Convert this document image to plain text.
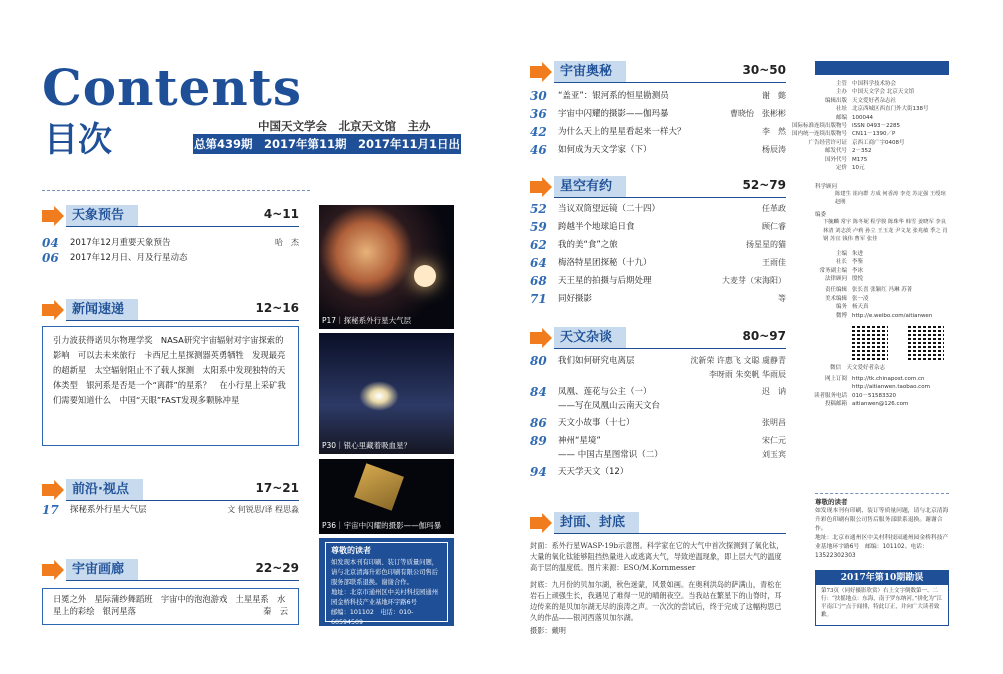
Contents
目次	中国天文学会　北京天文馆　主办
总第439期　2017年第11期　2017年11月1日出版
天象预告	4~11
04 2017年12月重要天象预告	哈　杰
06 2017年12月日、月及行星动态
新闻速递	12~16
引力波获得诺贝尔物理学奖　NASA研究宇宙辐射对宇宙探索的影响　可以去未来旅行　卡西尼土星探测器英勇牺牲　发现最亮的超新星　太空辐射阻止不了载人探测　太阳系中发现独特的天体类型　银河系是否是一个“离群”的星系？　在小行星上采矿我们需要知道什么　中国“天眼”FAST发现多颗脉冲星
前沿·视点	17~21
17 探秘系外行星大气层	文 何锐思/译 程思淼
宇宙画廊	22~29
日冕之外　星际蒲纱舞蹈班　宇宙中的泡泡游戏　土星星系　水星上的彩绘　银河星落	秦　云
P17｜探秘系外行星大气层
P30｜银心里藏着吸血星？
P36｜宇宙中闪耀的摄影——伽玛暴
尊敬的读者
如发现本刊有印刷、装订等质量问题，请与北京清海升彩色印刷有限公司售后服务部联系退换。谢谢合作。
地址：北京市通州区中关村科技园通州园金桥科技产业基地环宇路6号
邮编：101102　电话：010-60594509
宇宙奥秘	30~50
30 “盖亚”：银河系的恒星勘测员	谢　懿
36 宇宙中闪耀的摄影——伽玛暴	曹晓怡　张彬彬
42 为什么天上的星星看起来一样大？	李　然
46 如何成为天文学家（下）	杨辰涛
星空有约	52~79
52 当议双筒望远镜（二十四）	任革政
59 跨越半个地球追日食	顾仁睿
62 我的美“食”之旅	扬星星的猫
64 梅洛特星团探秘（十九）	王雨佳
68 天王星的拍摄与后期处理	大麦芽（宋海阳）
71 同好摄影	等
天文杂谈	80~97
80 我们如何研究电离层	沈新荣 许惠飞 文聪 虞静青
李呀雨 朱奕帆 华雨辰
84 凤凰、莲花与公主（一）	迟　讷
——写在凤凰山云南天文台
86 天文小故事（十七）	张明昌
89 神州“星境”	宋仁元
—— 中国古星图常识（二）	刘玉宾
94 天天学天文（12）
封面、封底
封面：系外行星WASP-19b示意图。科学家在它的大气中首次探测到了氧化钛，大量的氧化钛能够阻挡热量进入或逃离大气，导致逆温现象，即上层大气的温度高于层的温度低。图片来源：ESO/M.Kornmesser
封底：九月份的贝加尔湖，秋色迷蒙，风景如画。在奥利洪岛的萨满山，青松在岩石上顽强生长，我遇见了难得一见的晴朗夜空。当我站在繁星下的山脊时，耳边传来的是贝加尔湖无尽的浪涛之声。一次次的尝试后，终于完成了这幅构思已久的作品——银河西落贝加尔湖。
摄影：戴明
主管 中国科学技术协会
主办 中国天文学会 北京天文馆
编辑出版 天文爱好者杂志社
社址 北京西城区西直门外大街138号
邮编 100044
国际标准连续出版物号 ISSN 0493－2285
国内统一连续出版物号 CN11－1390／P
广告经营许可证 京西工商广字0408号
邮发代号 2－352
国外代号 M175
定价 10元
科学顾问
陈建生 崔向群 方成 何香涛 李竞 苏定强 王绶琯 赵刚
编委
卞毓麟 常宇 陈冬妮 程学骏 陈珠华 韩雪 姜晓军 李良 林清 刘志茨 卢莉 孙立 王玉龙 尹文龙 张兆敏 季之 肖钢 苏宜 钱伟 曹军 张佳
主编 朱进
社长 李鉴
常务副主编 李冰
法律顾问 殷悦
责任编辑 张长喜 张颖红 冯琳 苏菁
美术编辑 张一凌
编务 杨天真
微博 http://e.weibo.com/aitianwen
微信　天文爱好者杂志
网上订阅 http://tk.chinapost.com.cn
http://aitianwen.taobao.com
读者服务电话 010－51583320
投稿邮箱 aitianwen@126.com
尊敬的读者
如发现本刊有印刷、装订等质量问题，请与北京清海升彩色印刷有限公司售后服务部联系退换。谢谢合作。
地址：北京市通州区中关村科技园通州园金桥科技产业基地环宇路6号　邮编：101102。电话：13522302303
2017年第10期勘误
第73页（同好摄影欣赏）右上文字倒数第一、二行：“扶摇地点：东海，南于罗东纳河。”拼化为“江平南江宁”点于闻排，特此订正，并向广大读者致歉。
